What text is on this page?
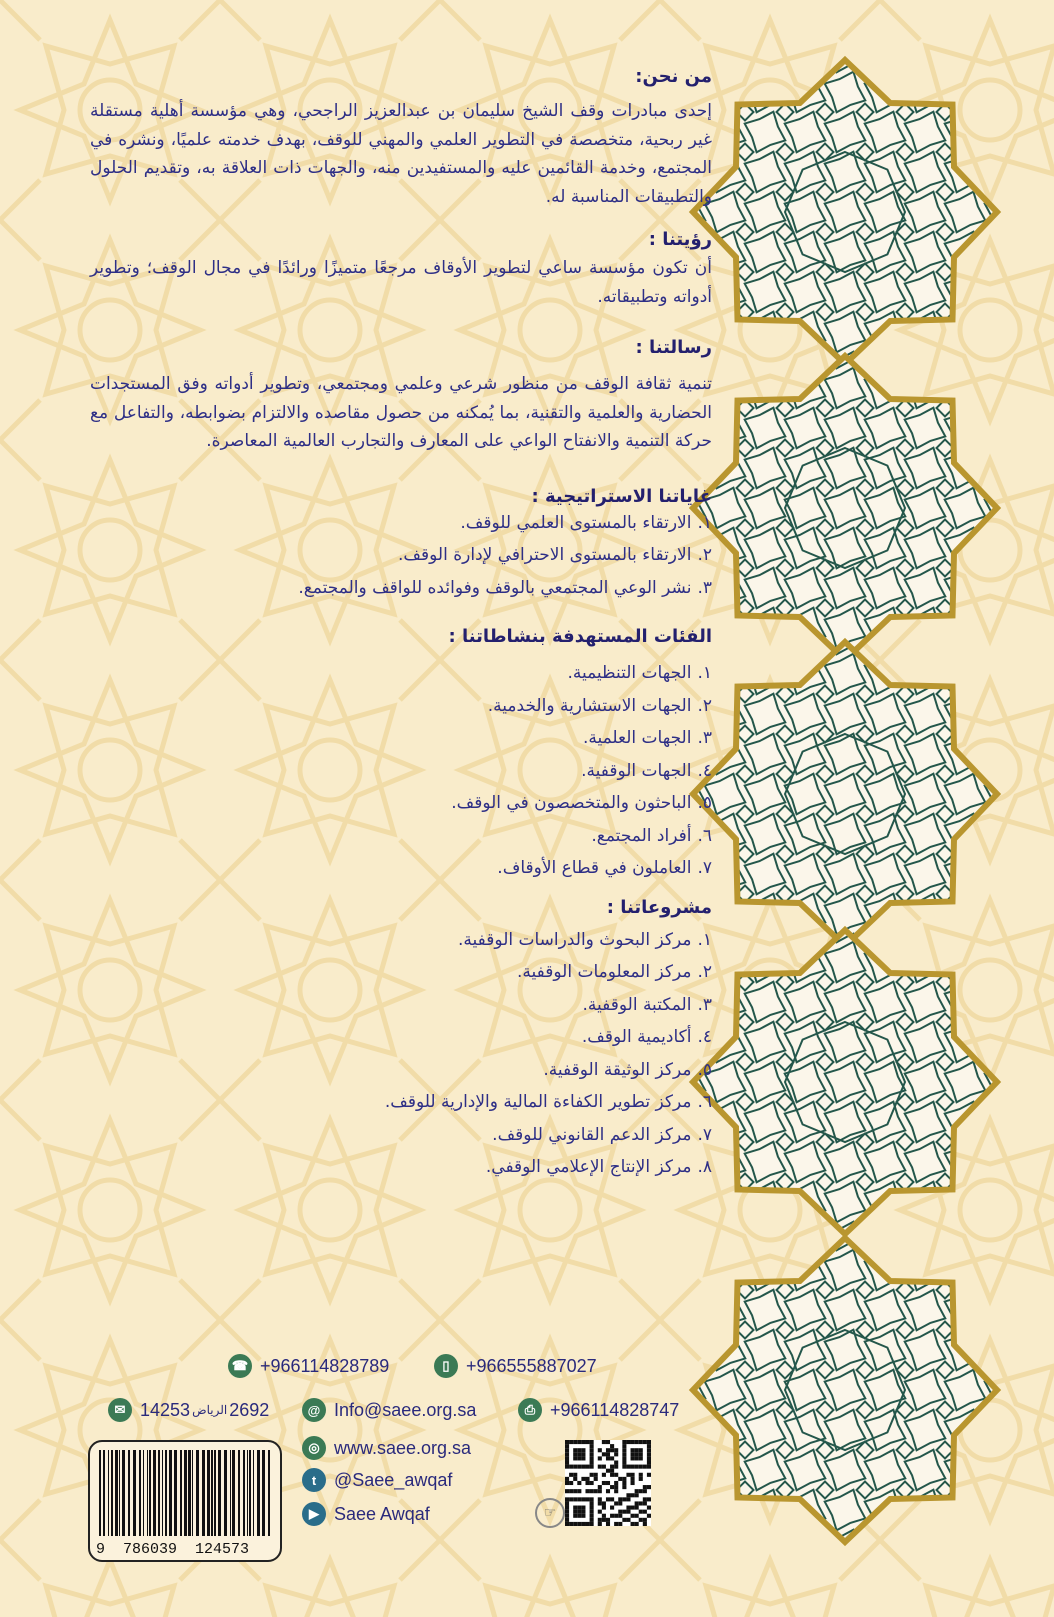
من نحن:

إحدى مبادرات وقف الشيخ سليمان بن عبدالعزيز الراجحي، وهي مؤسسة أهلية مستقلة غير ربحية، متخصصة في التطوير العلمي والمهني للوقف، بهدف خدمته علميًا، ونشره في المجتمع، وخدمة القائمين عليه والمستفيدين منه، والجهات ذات العلاقة به، وتقديم الحلول والتطبيقات المناسبة له.

رؤيتنا :

أن تكون مؤسسة ساعي لتطوير الأوقاف مرجعًا متميزًا ورائدًا في مجال الوقف؛ وتطوير أدواته وتطبيقاته.

رسالتنا :

تنمية ثقافة الوقف من منظور شرعي وعلمي ومجتمعي، وتطوير أدواته وفق المستجدات الحضارية والعلمية والتقنية، بما يُمكنه من حصول مقاصده والالتزام بضوابطه، والتفاعل مع حركة التنمية والانفتاح الواعي على المعارف والتجارب العالمية المعاصرة.

غاياتنا الاستراتيجية :
١.الارتقاء بالمستوى العلمي للوقف.
٢.الارتقاء بالمستوى الاحترافي لإدارة الوقف.
٣.نشر الوعي المجتمعي بالوقف وفوائده للواقف والمجتمع.
الفئات المستهدفة بنشاطاتنا :
١.الجهات التنظيمية.
٢.الجهات الاستشارية والخدمية.
٣.الجهات العلمية.
٤.الجهات الوقفية.
٥.الباحثون والمتخصصون في الوقف.
٦.أفراد المجتمع.
٧.العاملون في قطاع الأوقاف.
مشروعاتنا :
١.مركز البحوث والدراسات الوقفية.
٢.مركز المعلومات الوقفية.
٣.المكتبة الوقفية.
٤.أكاديمية الوقف.
٥.مركز الوثيقة الوقفية.
٦.مركز تطوير الكفاءة المالية والإدارية للوقف.
٧.مركز الدعم القانوني للوقف.
٨.مركز الإنتاج الإعلامي الوقفي.
☎ +966114828789	▯ +966555887027
✉ 14253 الرياض 2692	@ Info@saee.org.sa	⎙ +966114828747
◎ www.saee.org.sa
t @Saee_awqaf
▶ Saee Awqaf
9 786039 124573
☞
